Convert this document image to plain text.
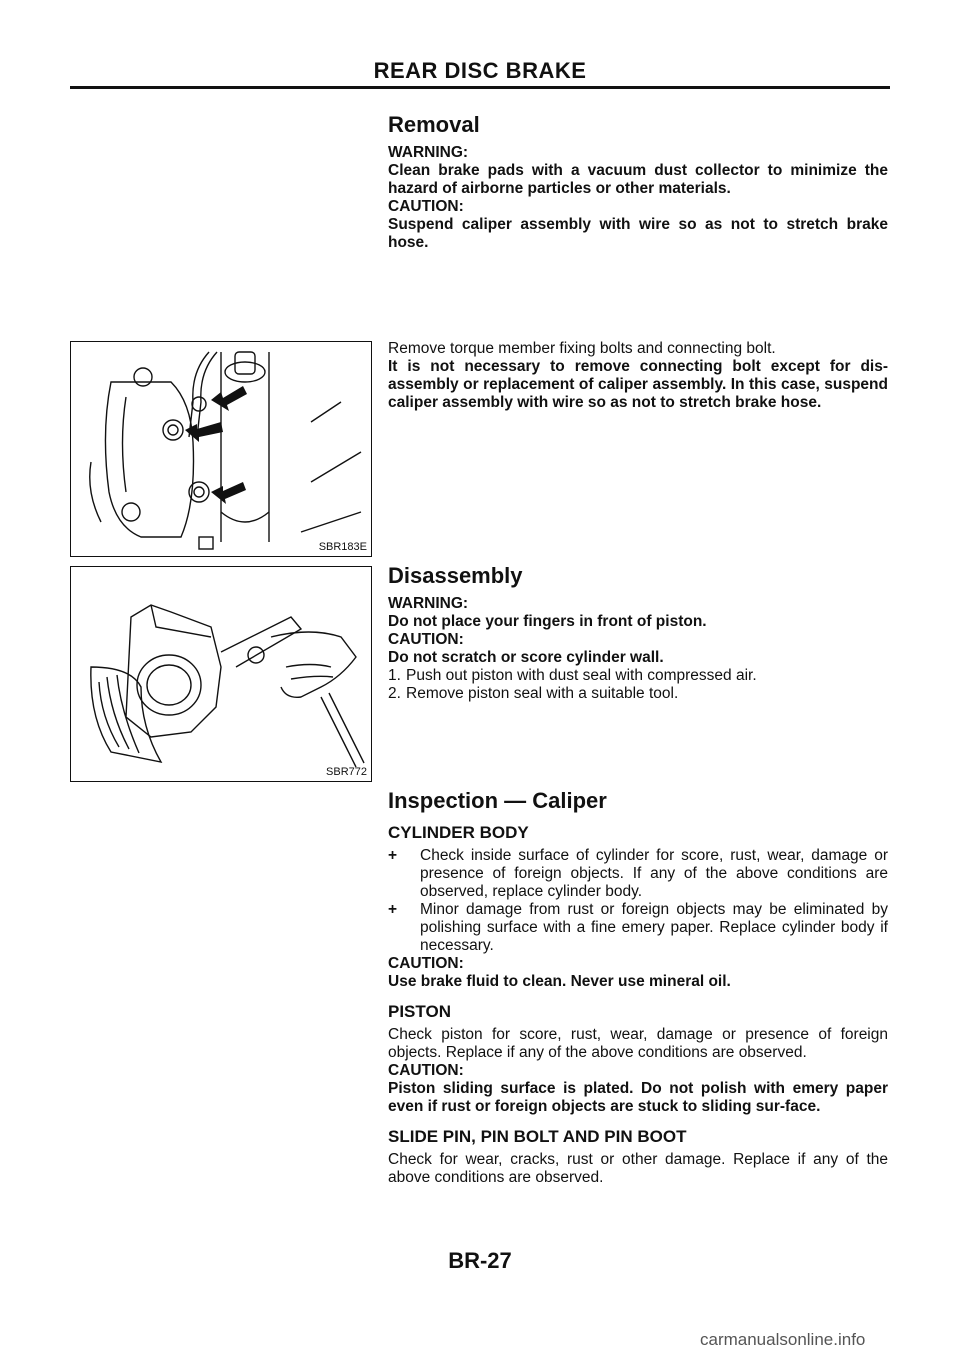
REAR DISC BRAKE
Removal

WARNING:

Clean brake pads with a vacuum dust collector to minimize the hazard of airborne particles or other materials.

CAUTION:

Suspend caliper assembly with wire so as not to stretch brake hose.

Remove torque member fixing bolts and connecting bolt.

It is not necessary to remove connecting bolt except for dis-assembly or replacement of caliper assembly. In this case, suspend caliper assembly with wire so as not to stretch brake hose.

SBR183E
SBR772
Disassembly

WARNING:

Do not place your fingers in front of piston.

CAUTION:

Do not scratch or score cylinder wall.

1. Push out piston with dust seal with compressed air.

2. Remove piston seal with a suitable tool.

Inspection — Caliper
CYLINDER BODY

+ Check inside surface of cylinder for score, rust, wear, damage or presence of foreign objects. If any of the above conditions are observed, replace cylinder body.

+ Minor damage from rust or foreign objects may be eliminated by polishing surface with a fine emery paper. Replace cylinder body if necessary.

CAUTION:

Use brake fluid to clean. Never use mineral oil.

PISTON

Check piston for score, rust, wear, damage or presence of foreign objects. Replace if any of the above conditions are observed.

CAUTION:

Piston sliding surface is plated. Do not polish with emery paper even if rust or foreign objects are stuck to sliding sur-face.

SLIDE PIN, PIN BOLT AND PIN BOOT

Check for wear, cracks, rust or other damage. Replace if any of the above conditions are observed.

BR-27
carmanualsonline.info
